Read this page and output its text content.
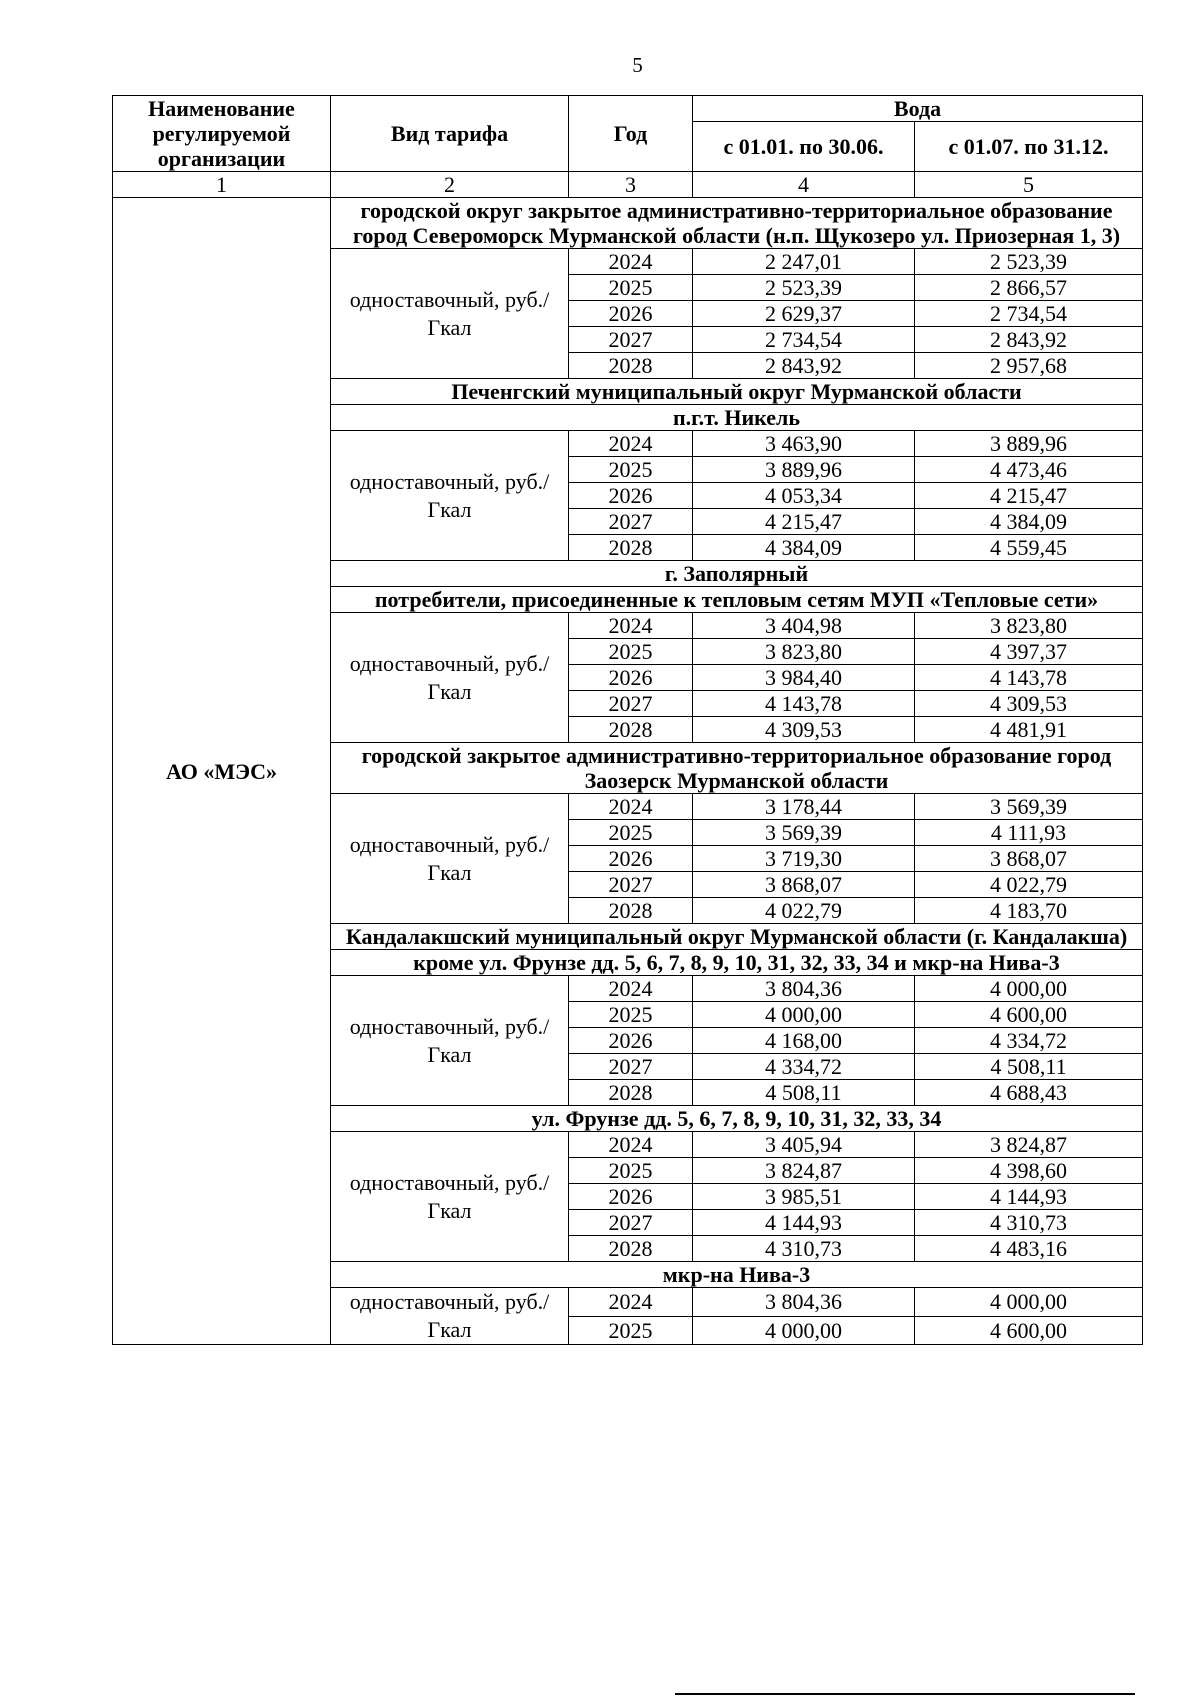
5
Наименование регулируемой организации	Вид тарифа	Год	Вода	
			с 01.01. по 30.06.	с 01.07. по 31.12.
1	2	3	4	5
АО «МЭС»	городской округ закрытое административно-территориальное образование город Североморск Мурманской области (н.п. Щукозеро ул. Приозерная 1, 3)			
	одноставочный, руб./Гкал	2024	2 247,01	2 523,39
		2025	2 523,39	2 866,57
		2026	2 629,37	2 734,54
		2027	2 734,54	2 843,92
		2028	2 843,92	2 957,68
	Печенгский муниципальный округ Мурманской области			
	п.г.т. Никель			
	одноставочный, руб./Гкал	2024	3 463,90	3 889,96
		2025	3 889,96	4 473,46
		2026	4 053,34	4 215,47
		2027	4 215,47	4 384,09
		2028	4 384,09	4 559,45
	г. Заполярный			
	потребители, присоединенные к тепловым сетям МУП «Тепловые сети»			
	одноставочный, руб./Гкал	2024	3 404,98	3 823,80
		2025	3 823,80	4 397,37
		2026	3 984,40	4 143,78
		2027	4 143,78	4 309,53
		2028	4 309,53	4 481,91
	городской закрытое административно-территориальное образование город Заозерск Мурманской области			
	одноставочный, руб./Гкал	2024	3 178,44	3 569,39
		2025	3 569,39	4 111,93
		2026	3 719,30	3 868,07
		2027	3 868,07	4 022,79
		2028	4 022,79	4 183,70
	Кандалакшский муниципальный округ Мурманской области (г. Кандалакша)			
	кроме ул. Фрунзе дд. 5, 6, 7, 8, 9, 10, 31, 32, 33, 34 и мкр-на Нива-3			
	одноставочный, руб./Гкал	2024	3 804,36	4 000,00
		2025	4 000,00	4 600,00
		2026	4 168,00	4 334,72
		2027	4 334,72	4 508,11
		2028	4 508,11	4 688,43
	ул. Фрунзе дд. 5, 6, 7, 8, 9, 10, 31, 32, 33, 34			
	одноставочный, руб./Гкал	2024	3 405,94	3 824,87
		2025	3 824,87	4 398,60
		2026	3 985,51	4 144,93
		2027	4 144,93	4 310,73
		2028	4 310,73	4 483,16
	мкр-на Нива-3			
	одноставочный, руб./Гкал	2024	3 804,36	4 000,00
		2025	4 000,00	4 600,00
